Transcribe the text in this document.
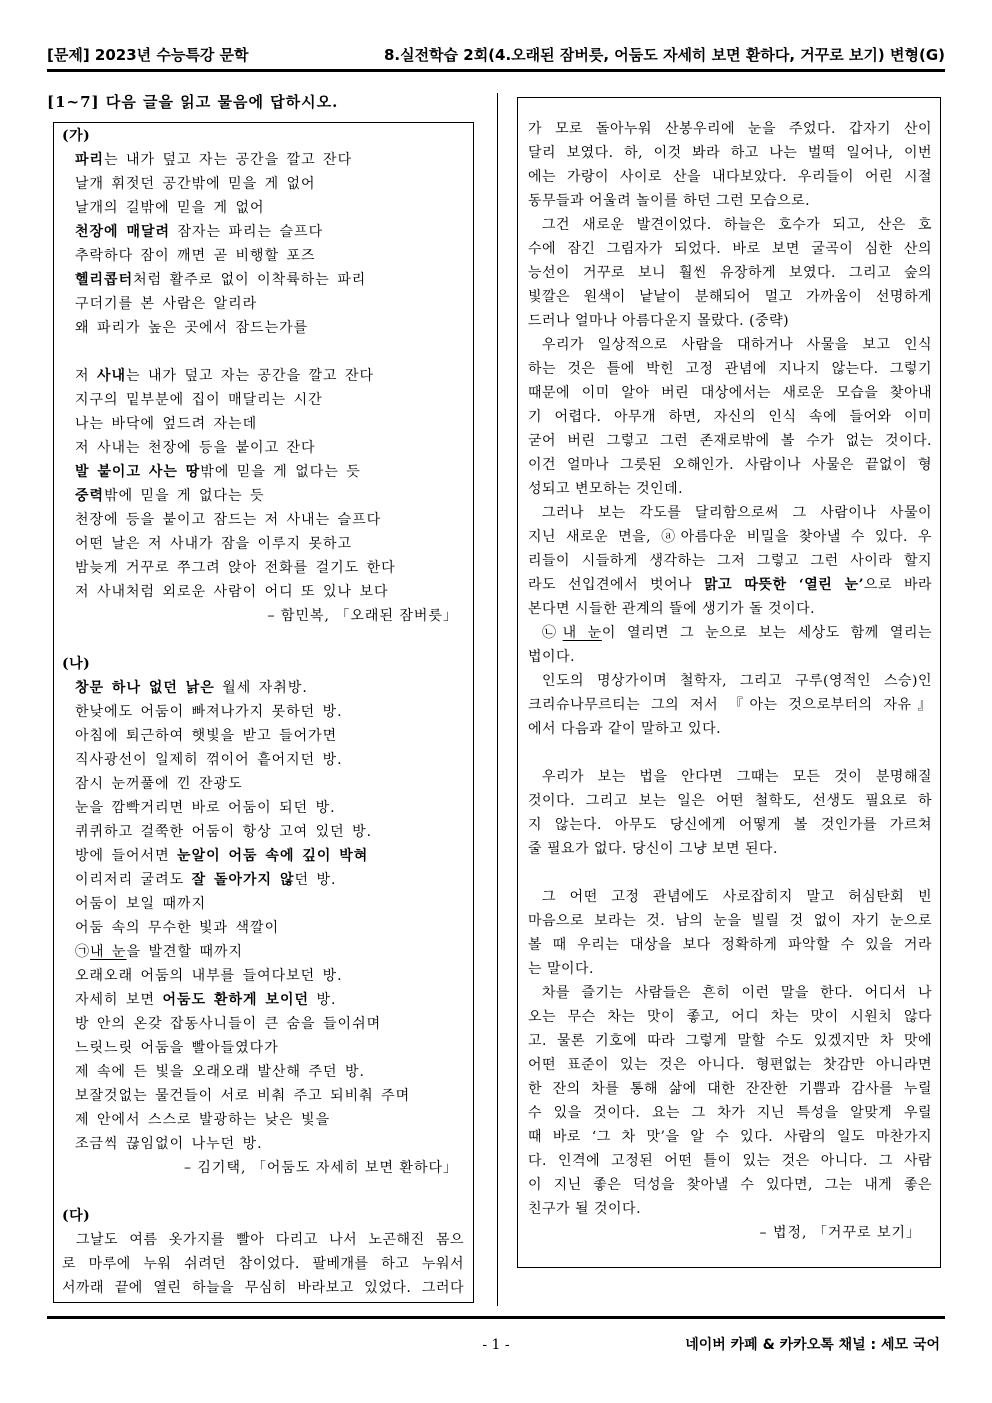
[문제] 2023년 수능특강 문학	8.실전학습 2회(4.오래된 잠버릇, 어둠도 자세히 보면 환하다, 거꾸로 보기) 변형(G)
[1~7] 다음 글을 읽고 물음에 답하시오.
(가)
파리는 내가 덮고 자는 공간을 깔고 잔다
날개 휘젓던 공간밖에 믿을 게 없어
날개의 길밖에 믿을 게 없어
천장에 매달려 잠자는 파리는 슬프다
추락하다 잠이 깨면 곧 비행할 포즈
헬리콥터처럼 활주로 없이 이착륙하는 파리
구더기를 본 사람은 알리라
왜 파리가 높은 곳에서 잠드는가를
저 사내는 내가 덮고 자는 공간을 깔고 잔다
지구의 밑부분에 집이 매달리는 시간
나는 바닥에 엎드려 자는데
저 사내는 천장에 등을 붙이고 잔다
발 붙이고 사는 땅밖에 믿을 게 없다는 듯
중력밖에 믿을 게 없다는 듯
천장에 등을 붙이고 잠드는 저 사내는 슬프다
어떤 날은 저 사내가 잠을 이루지 못하고
밤늦게 거꾸로 쭈그려 앉아 전화를 걸기도 한다
저 사내처럼 외로운 사람이 어디 또 있나 보다
– 함민복, 「오래된 잠버릇」
(나)
창문 하나 없던 낡은 월세 자취방.
한낮에도 어둠이 빠져나가지 못하던 방.
아침에 퇴근하여 햇빛을 받고 들어가면
직사광선이 일제히 꺾이어 흩어지던 방.
잠시 눈꺼풀에 낀 잔광도
눈을 깜빡거리면 바로 어둠이 되던 방.
퀴퀴하고 걸쭉한 어둠이 항상 고여 있던 방.
방에 들어서면 눈알이 어둠 속에 깊이 박혀
이리저리 굴려도 잘 돌아가지 않던 방.
어둠이 보일 때까지
어둠 속의 무수한 빛과 색깔이
㉠내 눈을 발견할 때까지
오래오래 어둠의 내부를 들여다보던 방.
자세히 보면 어둠도 환하게 보이던 방.
방 안의 온갖 잡동사니들이 큰 숨을 들이쉬며
느릿느릿 어둠을 빨아들였다가
제 속에 든 빛을 오래오래 발산해 주던 방.
보잘것없는 물건들이 서로 비춰 주고 되비춰 주며
제 안에서 스스로 발광하는 낮은 빛을
조금씩 끊임없이 나누던 방.
– 김기택, 「어둠도 자세히 보면 환하다」
(다)
그날도 여름 옷가지를 빨아 다리고 나서 노곤해진 몸으
로 마루에 누워 쉬려던 참이었다. 팔베개를 하고 누워서
서까래 끝에 열린 하늘을 무심히 바라보고 있었다. 그러다
가 모로 돌아누워 산봉우리에 눈을 주었다. 갑자기 산이
달리 보였다. 하, 이것 봐라 하고 나는 벌떡 일어나, 이번
에는 가랑이 사이로 산을 내다보았다. 우리들이 어린 시절
동무들과 어울려 놀이를 하던 그런 모습으로.
그건 새로운 발견이었다. 하늘은 호수가 되고, 산은 호
수에 잠긴 그림자가 되었다. 바로 보면 굴곡이 심한 산의
능선이 거꾸로 보니 훨씬 유장하게 보였다. 그리고 숲의
빛깔은 원색이 낱낱이 분해되어 멀고 가까움이 선명하게
드러나 얼마나 아름다운지 몰랐다. (중략)
우리가 일상적으로 사람을 대하거나 사물을 보고 인식
하는 것은 틀에 박힌 고정 관념에 지나지 않는다. 그렇기
때문에 이미 알아 버린 대상에서는 새로운 모습을 찾아내
기 어렵다. 아무개 하면, 자신의 인식 속에 들어와 이미
굳어 버린 그렇고 그런 존재로밖에 볼 수가 없는 것이다.
이건 얼마나 그릇된 오해인가. 사람이나 사물은 끝없이 형
성되고 변모하는 것인데.
그러나 보는 각도를 달리함으로써 그 사람이나 사물이
지닌 새로운 면을, ⓐ아름다운 비밀을 찾아낼 수 있다. 우
리들이 시들하게 생각하는 그저 그렇고 그런 사이라 할지
라도 선입견에서 벗어나 맑고 따뜻한 ‘열린 눈’으로 바라
본다면 시들한 관계의 뜰에 생기가 돌 것이다.
㉡내 눈이 열리면 그 눈으로 보는 세상도 함께 열리는
법이다.
인도의 명상가이며 철학자, 그리고 구루(영적인 스승)인
크리슈나무르티는 그의 저서 『아는 것으로부터의 자유』
에서 다음과 같이 말하고 있다.
우리가 보는 법을 안다면 그때는 모든 것이 분명해질
것이다. 그리고 보는 일은 어떤 철학도, 선생도 필요로 하
지 않는다. 아무도 당신에게 어떻게 볼 것인가를 가르쳐
줄 필요가 없다. 당신이 그냥 보면 된다.
그 어떤 고정 관념에도 사로잡히지 말고 허심탄회 빈
마음으로 보라는 것. 남의 눈을 빌릴 것 없이 자기 눈으로
볼 때 우리는 대상을 보다 정확하게 파악할 수 있을 거라
는 말이다.
차를 즐기는 사람들은 흔히 이런 말을 한다. 어디서 나
오는 무슨 차는 맛이 좋고, 어디 차는 맛이 시원치 않다
고. 물론 기호에 따라 그렇게 말할 수도 있겠지만 차 맛에
어떤 표준이 있는 것은 아니다. 형편없는 찻감만 아니라면
한 잔의 차를 통해 삶에 대한 잔잔한 기쁨과 감사를 누릴
수 있을 것이다. 요는 그 차가 지닌 특성을 알맞게 우릴
때 바로 ‘그 차 맛’을 알 수 있다. 사람의 일도 마찬가지
다. 인격에 고정된 어떤 틀이 있는 것은 아니다. 그 사람
이 지닌 좋은 덕성을 찾아낼 수 있다면, 그는 내게 좋은
친구가 될 것이다.
– 법정, 「거꾸로 보기」
- 1 -	네이버 카페 & 카카오톡 채널 : 세모 국어
